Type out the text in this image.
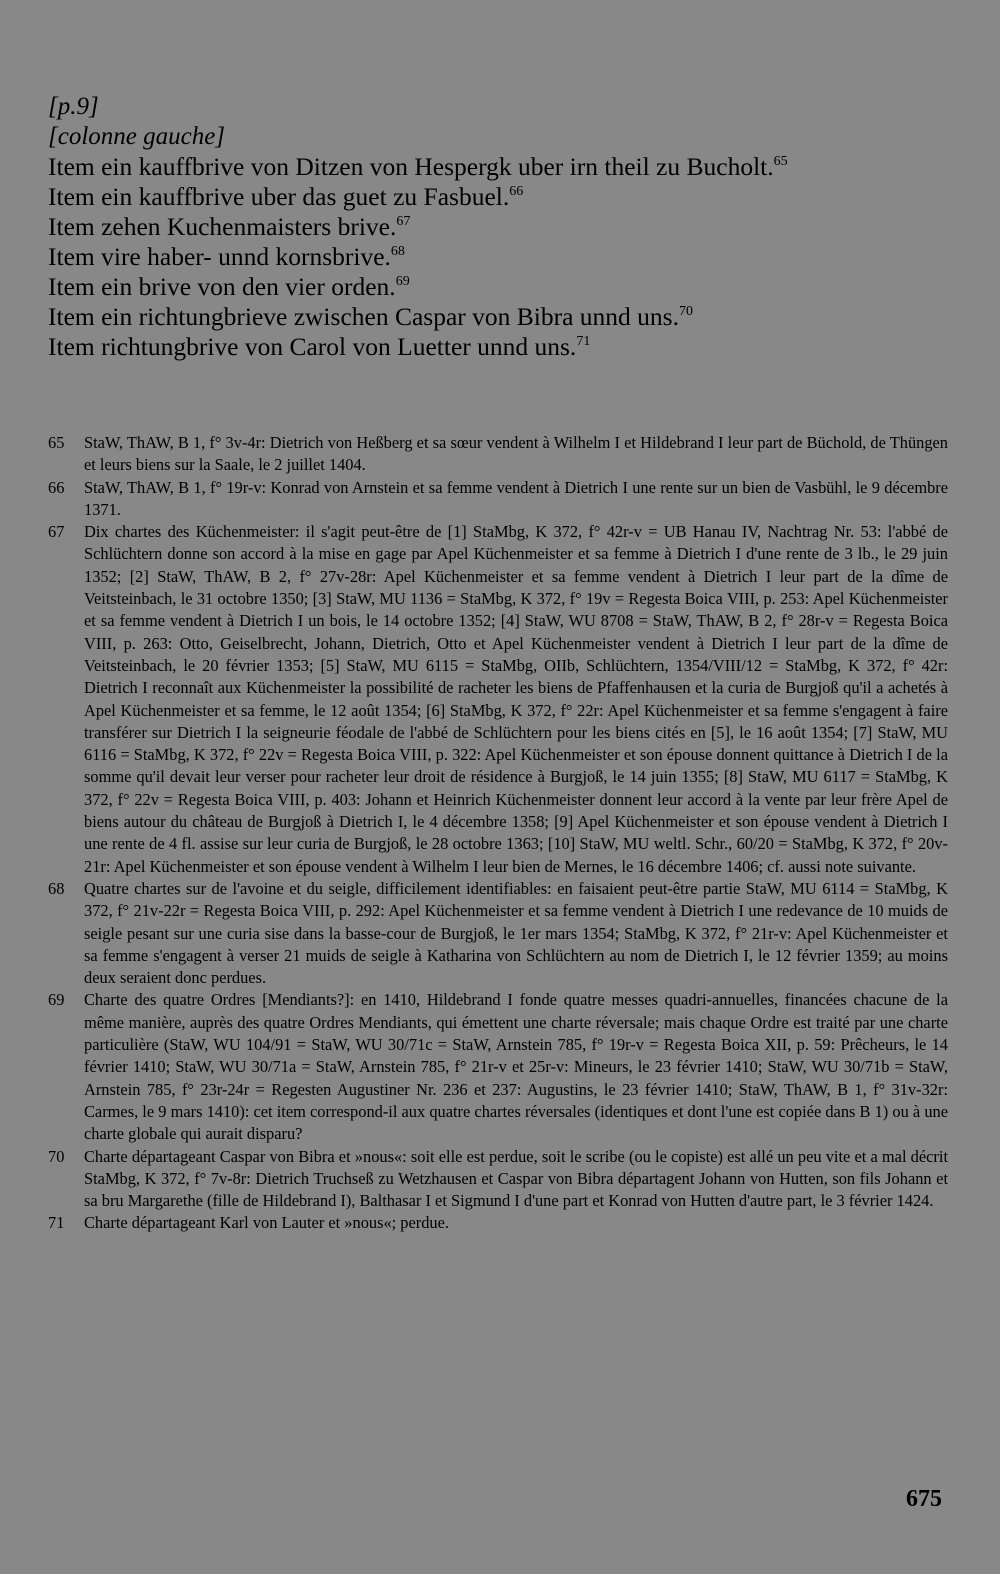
[p.9]
[colonne gauche]
Item ein kauffbrive von Ditzen von Hespergk uber irn theil zu Bucholt.$^{65}$
Item ein kauffbrive uber das guet zu Fasbuel.$^{66}$
Item zehen Kuchenmaisters brive.$^{67}$
Item vire haber- unnd kornsbrive.$^{68}$
Item ein brive von den vier orden.$^{69}$
Item ein richtungbrieve zwischen Caspar von Bibra unnd uns.$^{70}$
Item richtungbrive von Carol von Luetter unnd uns.$^{71}$
65 StaW, ThAW, B 1, f° 3v-4r: Dietrich von Heßberg et sa sœur vendent à Wilhelm I et Hildebrand I leur part de Büchold, de Thüngen et leurs biens sur la Saale, le 2 juillet 1404.
66 StaW, ThAW, B 1, f° 19r-v: Konrad von Arnstein et sa femme vendent à Dietrich I une rente sur un bien de Vasbühl, le 9 décembre 1371.
67 Dix chartes des Küchenmeister: il s'agit peut-être de [1] StaMbg, K 372, f° 42r-v = UB Hanau IV, Nachtrag Nr. 53: l'abbé de Schlüchtern donne son accord à la mise en gage par Apel Küchenmeister et sa femme à Dietrich I d'une rente de 3 lb., le 29 juin 1352; [2] StaW, ThAW, B 2, f° 27v-28r: Apel Küchenmeister et sa femme vendent à Dietrich I leur part de la dîme de Veitsteinbach, le 31 octobre 1350; [3] StaW, MU 1136 = StaMbg, K 372, f° 19v = Regesta Boica VIII, p. 253: Apel Küchenmeister et sa femme vendent à Dietrich I un bois, le 14 octobre 1352; [4] StaW, WU 8708 = StaW, ThAW, B 2, f° 28r-v = Regesta Boica VIII, p. 263: Otto, Geiselbrecht, Johann, Dietrich, Otto et Apel Küchenmeister vendent à Dietrich I leur part de la dîme de Veitsteinbach, le 20 février 1353; [5] StaW, MU 6115 = StaMbg, OIIb, Schlüchtern, 1354/VIII/12 = StaMbg, K 372, f° 42r: Dietrich I reconnaît aux Küchenmeister la possibilité de racheter les biens de Pfaffenhausen et la curia de Burgjoß qu'il a achetés à Apel Küchenmeister et sa femme, le 12 août 1354; [6] StaMbg, K 372, f° 22r: Apel Küchenmeister et sa femme s'engagent à faire transférer sur Dietrich I la seigneurie féodale de l'abbé de Schlüchtern pour les biens cités en [5], le 16 août 1354; [7] StaW, MU 6116 = StaMbg, K 372, f° 22v = Regesta Boica VIII, p. 322: Apel Küchenmeister et son épouse donnent quittance à Dietrich I de la somme qu'il devait leur verser pour racheter leur droit de résidence à Burgjoß, le 14 juin 1355; [8] StaW, MU 6117 = StaMbg, K 372, f° 22v = Regesta Boica VIII, p. 403: Johann et Heinrich Küchenmeister donnent leur accord à la vente par leur frère Apel de biens autour du château de Burgjoß à Dietrich I, le 4 décembre 1358; [9] Apel Küchenmeister et son épouse vendent à Dietrich I une rente de 4 fl. assise sur leur curia de Burgjoß, le 28 octobre 1363; [10] StaW, MU weltl. Schr., 60/20 = StaMbg, K 372, f° 20v-21r: Apel Küchenmeister et son épouse vendent à Wilhelm I leur bien de Mernes, le 16 décembre 1406; cf. aussi note suivante.
68 Quatre chartes sur de l'avoine et du seigle, difficilement identifiables: en faisaient peut-être partie StaW, MU 6114 = StaMbg, K 372, f° 21v-22r = Regesta Boica VIII, p. 292: Apel Küchenmeister et sa femme vendent à Dietrich I une redevance de 10 muids de seigle pesant sur une curia sise dans la basse-cour de Burgjoß, le 1er mars 1354; StaMbg, K 372, f° 21r-v: Apel Küchenmeister et sa femme s'engagent à verser 21 muids de seigle à Katharina von Schlüchtern au nom de Dietrich I, le 12 février 1359; au moins deux seraient donc perdues.
69 Charte des quatre Ordres [Mendiants?]: en 1410, Hildebrand I fonde quatre messes quadri-annuelles, financées chacune de la même manière, auprès des quatre Ordres Mendiants, qui émettent une charte réversale; mais chaque Ordre est traité par une charte particulière (StaW, WU 104/91 = StaW, WU 30/71c = StaW, Arnstein 785, f° 19r-v = Regesta Boica XII, p. 59: Prêcheurs, le 14 février 1410; StaW, WU 30/71a = StaW, Arnstein 785, f° 21r-v et 25r-v: Mineurs, le 23 février 1410; StaW, WU 30/71b = StaW, Arnstein 785, f° 23r-24r = Regesten Augustiner Nr. 236 et 237: Augustins, le 23 février 1410; StaW, ThAW, B 1, f° 31v-32r: Carmes, le 9 mars 1410): cet item correspond-il aux quatre chartes réversales (identiques et dont l'une est copiée dans B 1) ou à une charte globale qui aurait disparu?
70 Charte départageant Caspar von Bibra et »nous«: soit elle est perdue, soit le scribe (ou le copiste) est allé un peu vite et a mal décrit StaMbg, K 372, f° 7v-8r: Dietrich Truchseß zu Wetzhausen et Caspar von Bibra départagent Johann von Hutten, son fils Johann et sa bru Margarethe (fille de Hildebrand I), Balthasar I et Sigmund I d'une part et Konrad von Hutten d'autre part, le 3 février 1424.
71 Charte départageant Karl von Lauter et »nous«; perdue.
675
